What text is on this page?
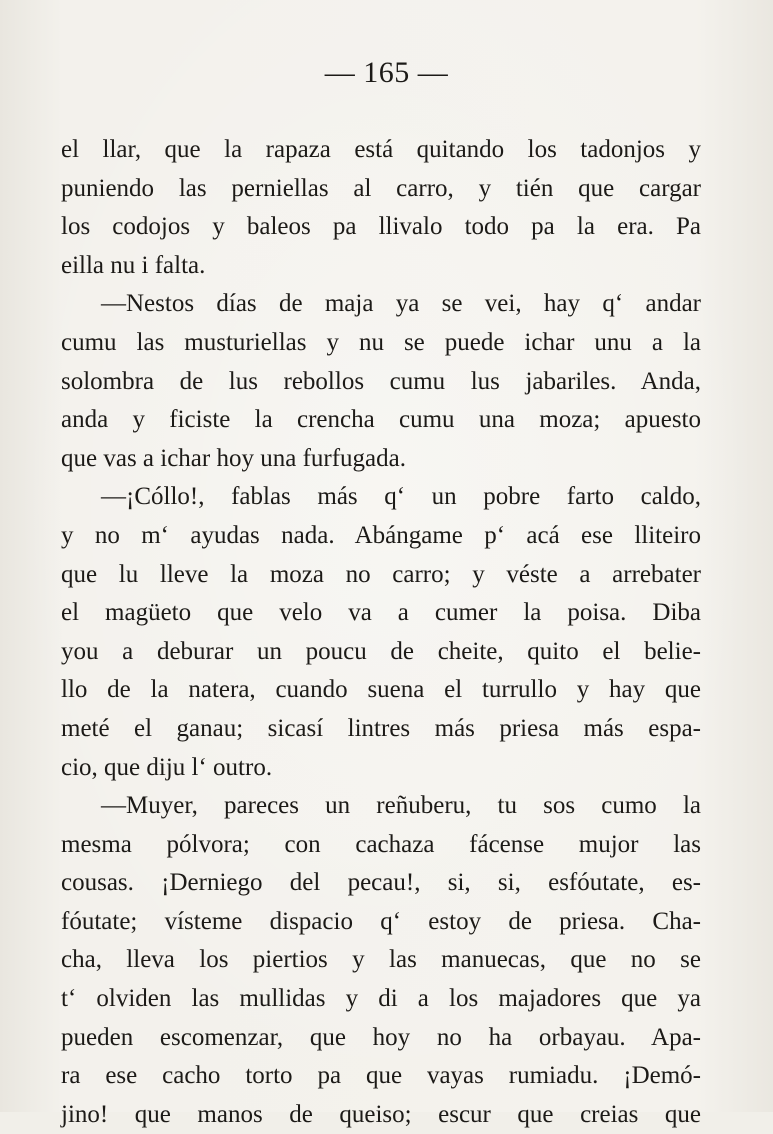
— 165 —
el llar, que la rapaza está quitando los tadonjos y
puniendo las perniellas al carro, y tién que cargar
los codojos y baleos pa llivalo todo pa la era. Pa
eilla nu i falta.
—Nestos días de maja ya se vei, hay q‘ andar
cumu las musturiellas y nu se puede ichar unu a la
solombra de lus rebollos cumu lus jabariles. Anda,
anda y ficiste la crencha cumu una moza; apuesto
que vas a ichar hoy una furfugada.
—¡Cóllo!, fablas más q‘ un pobre farto caldo,
y no m‘ ayudas nada. Abángame p‘ acá ese lliteiro
que lu lleve la moza no carro; y véste a arrebater
el magüeto que velo va a cumer la poisa. Diba
you a deburar un poucu de cheite, quito el belie-
llo de la natera, cuando suena el turrullo y hay que
meté el ganau; sicasí lintres más priesa más espa-
cio, que diju l‘ outro.
—Muyer, pareces un reñuberu, tu sos cumo la
mesma pólvora; con cachaza fácense mujor las
cousas. ¡Derniego del pecau!, si, si, esfóutate, es-
fóutate; vísteme dispacio q‘ estoy de priesa. Cha-
cha, lleva los piertios y las manuecas, que no se
t‘ olviden las mullidas y di a los majadores que ya
pueden escomenzar, que hoy no ha orbayau. Apa-
ra ese cacho torto pa que vayas rumiadu. ¡Demó-
jino! que manos de queiso; escur que creias que
